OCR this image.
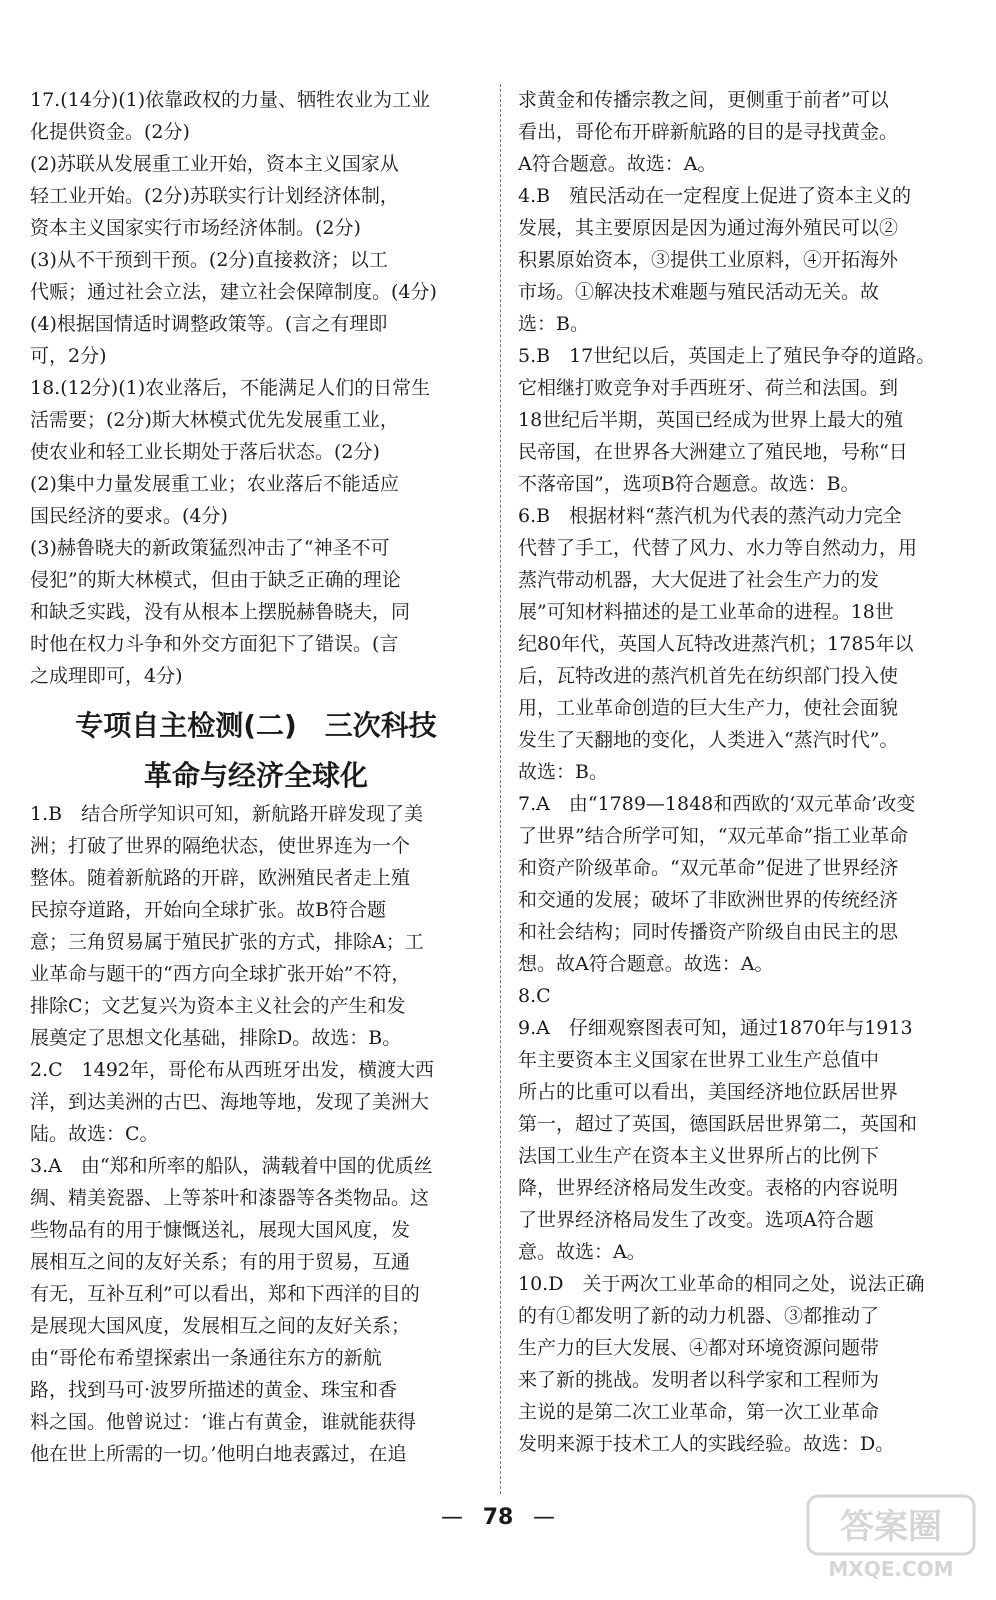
17.(14分)(1)依靠政权的力量、牺牲农业为工业
化提供资金。(2分)
(2)苏联从发展重工业开始，资本主义国家从
轻工业开始。(2分)苏联实行计划经济体制，
资本主义国家实行市场经济体制。(2分)
(3)从不干预到干预。(2分)直接救济；以工
代赈；通过社会立法，建立社会保障制度。(4分)
(4)根据国情适时调整政策等。(言之有理即
可，2分)
18.(12分)(1)农业落后，不能满足人们的日常生
活需要；(2分)斯大林模式优先发展重工业，
使农业和轻工业长期处于落后状态。(2分)
(2)集中力量发展重工业；农业落后不能适应
国民经济的要求。(4分)
(3)赫鲁晓夫的新政策猛烈冲击了“神圣不可
侵犯”的斯大林模式，但由于缺乏正确的理论
和缺乏实践，没有从根本上摆脱赫鲁晓夫，同
时他在权力斗争和外交方面犯下了错误。(言
之成理即可，4分)
专项自主检测(二)　三次科技
革命与经济全球化
1.B　结合所学知识可知，新航路开辟发现了美
洲；打破了世界的隔绝状态，使世界连为一个
整体。随着新航路的开辟，欧洲殖民者走上殖
民掠夺道路，开始向全球扩张。故B符合题
意；三角贸易属于殖民扩张的方式，排除A；工
业革命与题干的“西方向全球扩张开始”不符，
排除C；文艺复兴为资本主义社会的产生和发
展奠定了思想文化基础，排除D。故选：B。
2.C　1492年，哥伦布从西班牙出发，横渡大西
洋，到达美洲的古巴、海地等地，发现了美洲大
陆。故选：C。
3.A　由“郑和所率的船队，满载着中国的优质丝
绸、精美瓷器、上等茶叶和漆器等各类物品。这
些物品有的用于慷慨送礼，展现大国风度，发
展相互之间的友好关系；有的用于贸易，互通
有无，互补互利”可以看出，郑和下西洋的目的
是展现大国风度，发展相互之间的友好关系；
由“哥伦布希望探索出一条通往东方的新航
路，找到马可·波罗所描述的黄金、珠宝和香
料之国。他曾说过：‘谁占有黄金，谁就能获得
他在世上所需的一切。’他明白地表露过，在追
求黄金和传播宗教之间，更侧重于前者”可以
看出，哥伦布开辟新航路的目的是寻找黄金。
A符合题意。故选：A。
4.B　殖民活动在一定程度上促进了资本主义的
发展，其主要原因是因为通过海外殖民可以②
积累原始资本，③提供工业原料，④开拓海外
市场。①解决技术难题与殖民活动无关。故
选：B。
5.B　17世纪以后，英国走上了殖民争夺的道路。
它相继打败竞争对手西班牙、荷兰和法国。到
18世纪后半期，英国已经成为世界上最大的殖
民帝国，在世界各大洲建立了殖民地，号称“日
不落帝国”，选项B符合题意。故选：B。
6.B　根据材料“蒸汽机为代表的蒸汽动力完全
代替了手工，代替了风力、水力等自然动力，用
蒸汽带动机器，大大促进了社会生产力的发
展”可知材料描述的是工业革命的进程。18世
纪80年代，英国人瓦特改进蒸汽机；1785年以
后，瓦特改进的蒸汽机首先在纺织部门投入使
用，工业革命创造的巨大生产力，使社会面貌
发生了天翻地的变化，人类进入“蒸汽时代”。
故选：B。
7.A　由“1789—1848和西欧的‘双元革命’改变
了世界”结合所学可知，“双元革命”指工业革命
和资产阶级革命。“双元革命”促进了世界经济
和交通的发展；破坏了非欧洲世界的传统经济
和社会结构；同时传播资产阶级自由民主的思
想。故A符合题意。故选：A。
8.C
9.A　仔细观察图表可知，通过1870年与1913
年主要资本主义国家在世界工业生产总值中
所占的比重可以看出，美国经济地位跃居世界
第一，超过了英国，德国跃居世界第二，英国和
法国工业生产在资本主义世界所占的比例下
降，世界经济格局发生改变。表格的内容说明
了世界经济格局发生了改变。选项A符合题
意。故选：A。
10.D　关于两次工业革命的相同之处，说法正确
的有①都发明了新的动力机器、③都推动了
生产力的巨大发展、④都对环境资源问题带
来了新的挑战。发明者以科学家和工程师为
主说的是第二次工业革命，第一次工业革命
发明来源于技术工人的实践经验。故选：D。
— 78 —	答案圈
MXQE.COM
